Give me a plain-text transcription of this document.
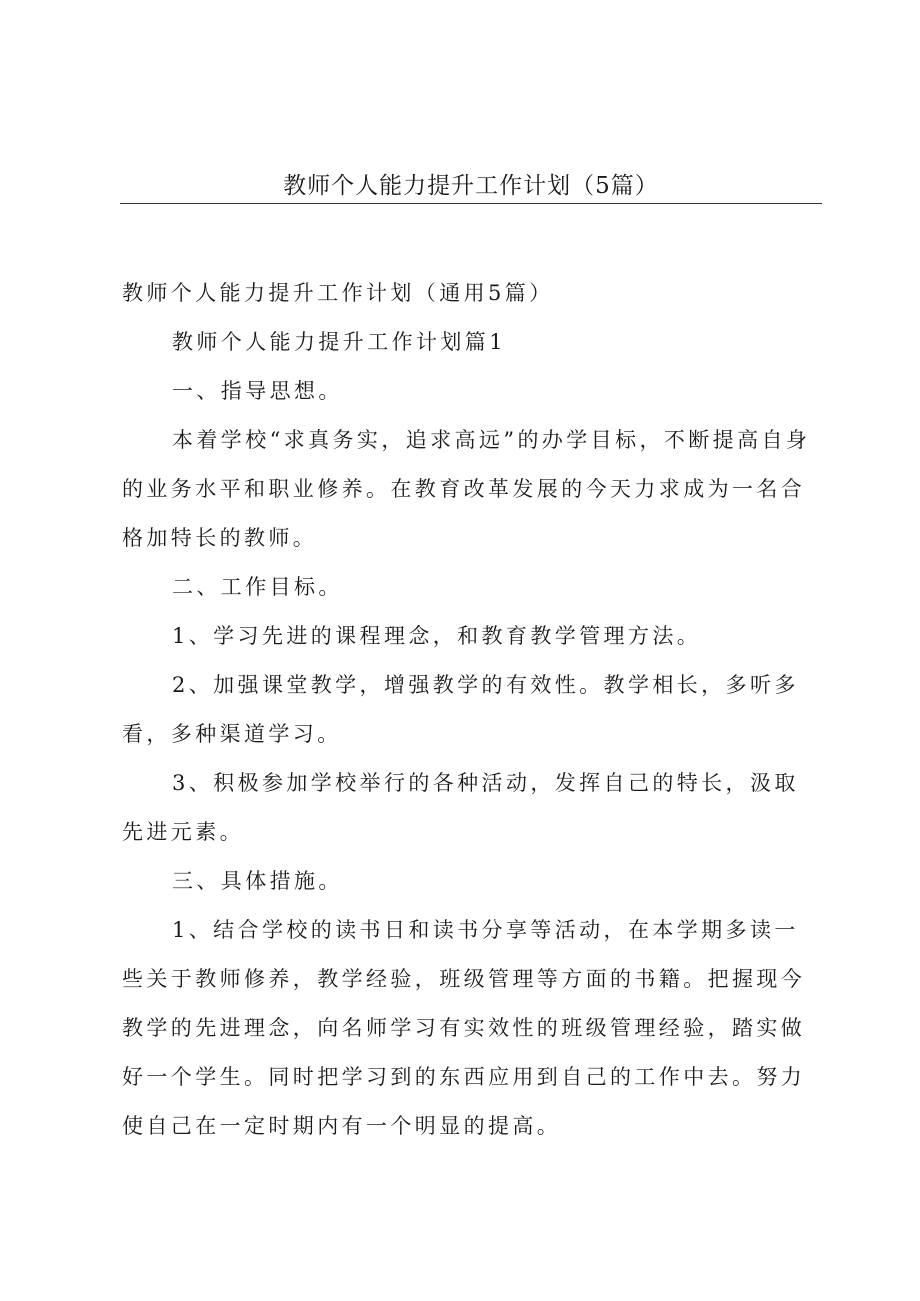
教师个人能力提升工作计划（5篇）

教师个人能力提升工作计划（通用5篇）

教师个人能力提升工作计划篇1

一、指导思想。

本着学校“求真务实，追求高远”的办学目标，不断提高自身的业务水平和职业修养。在教育改革发展的今天力求成为一名合格加特长的教师。

二、工作目标。

1、学习先进的课程理念，和教育教学管理方法。

2、加强课堂教学，增强教学的有效性。教学相长，多听多看，多种渠道学习。

3、积极参加学校举行的各种活动，发挥自己的特长，汲取先进元素。

三、具体措施。

1、结合学校的读书日和读书分享等活动，在本学期多读一些关于教师修养，教学经验，班级管理等方面的书籍。把握现今教学的先进理念，向名师学习有实效性的班级管理经验，踏实做好一个学生。同时把学习到的东西应用到自己的工作中去。努力使自己在一定时期内有一个明显的提高。
